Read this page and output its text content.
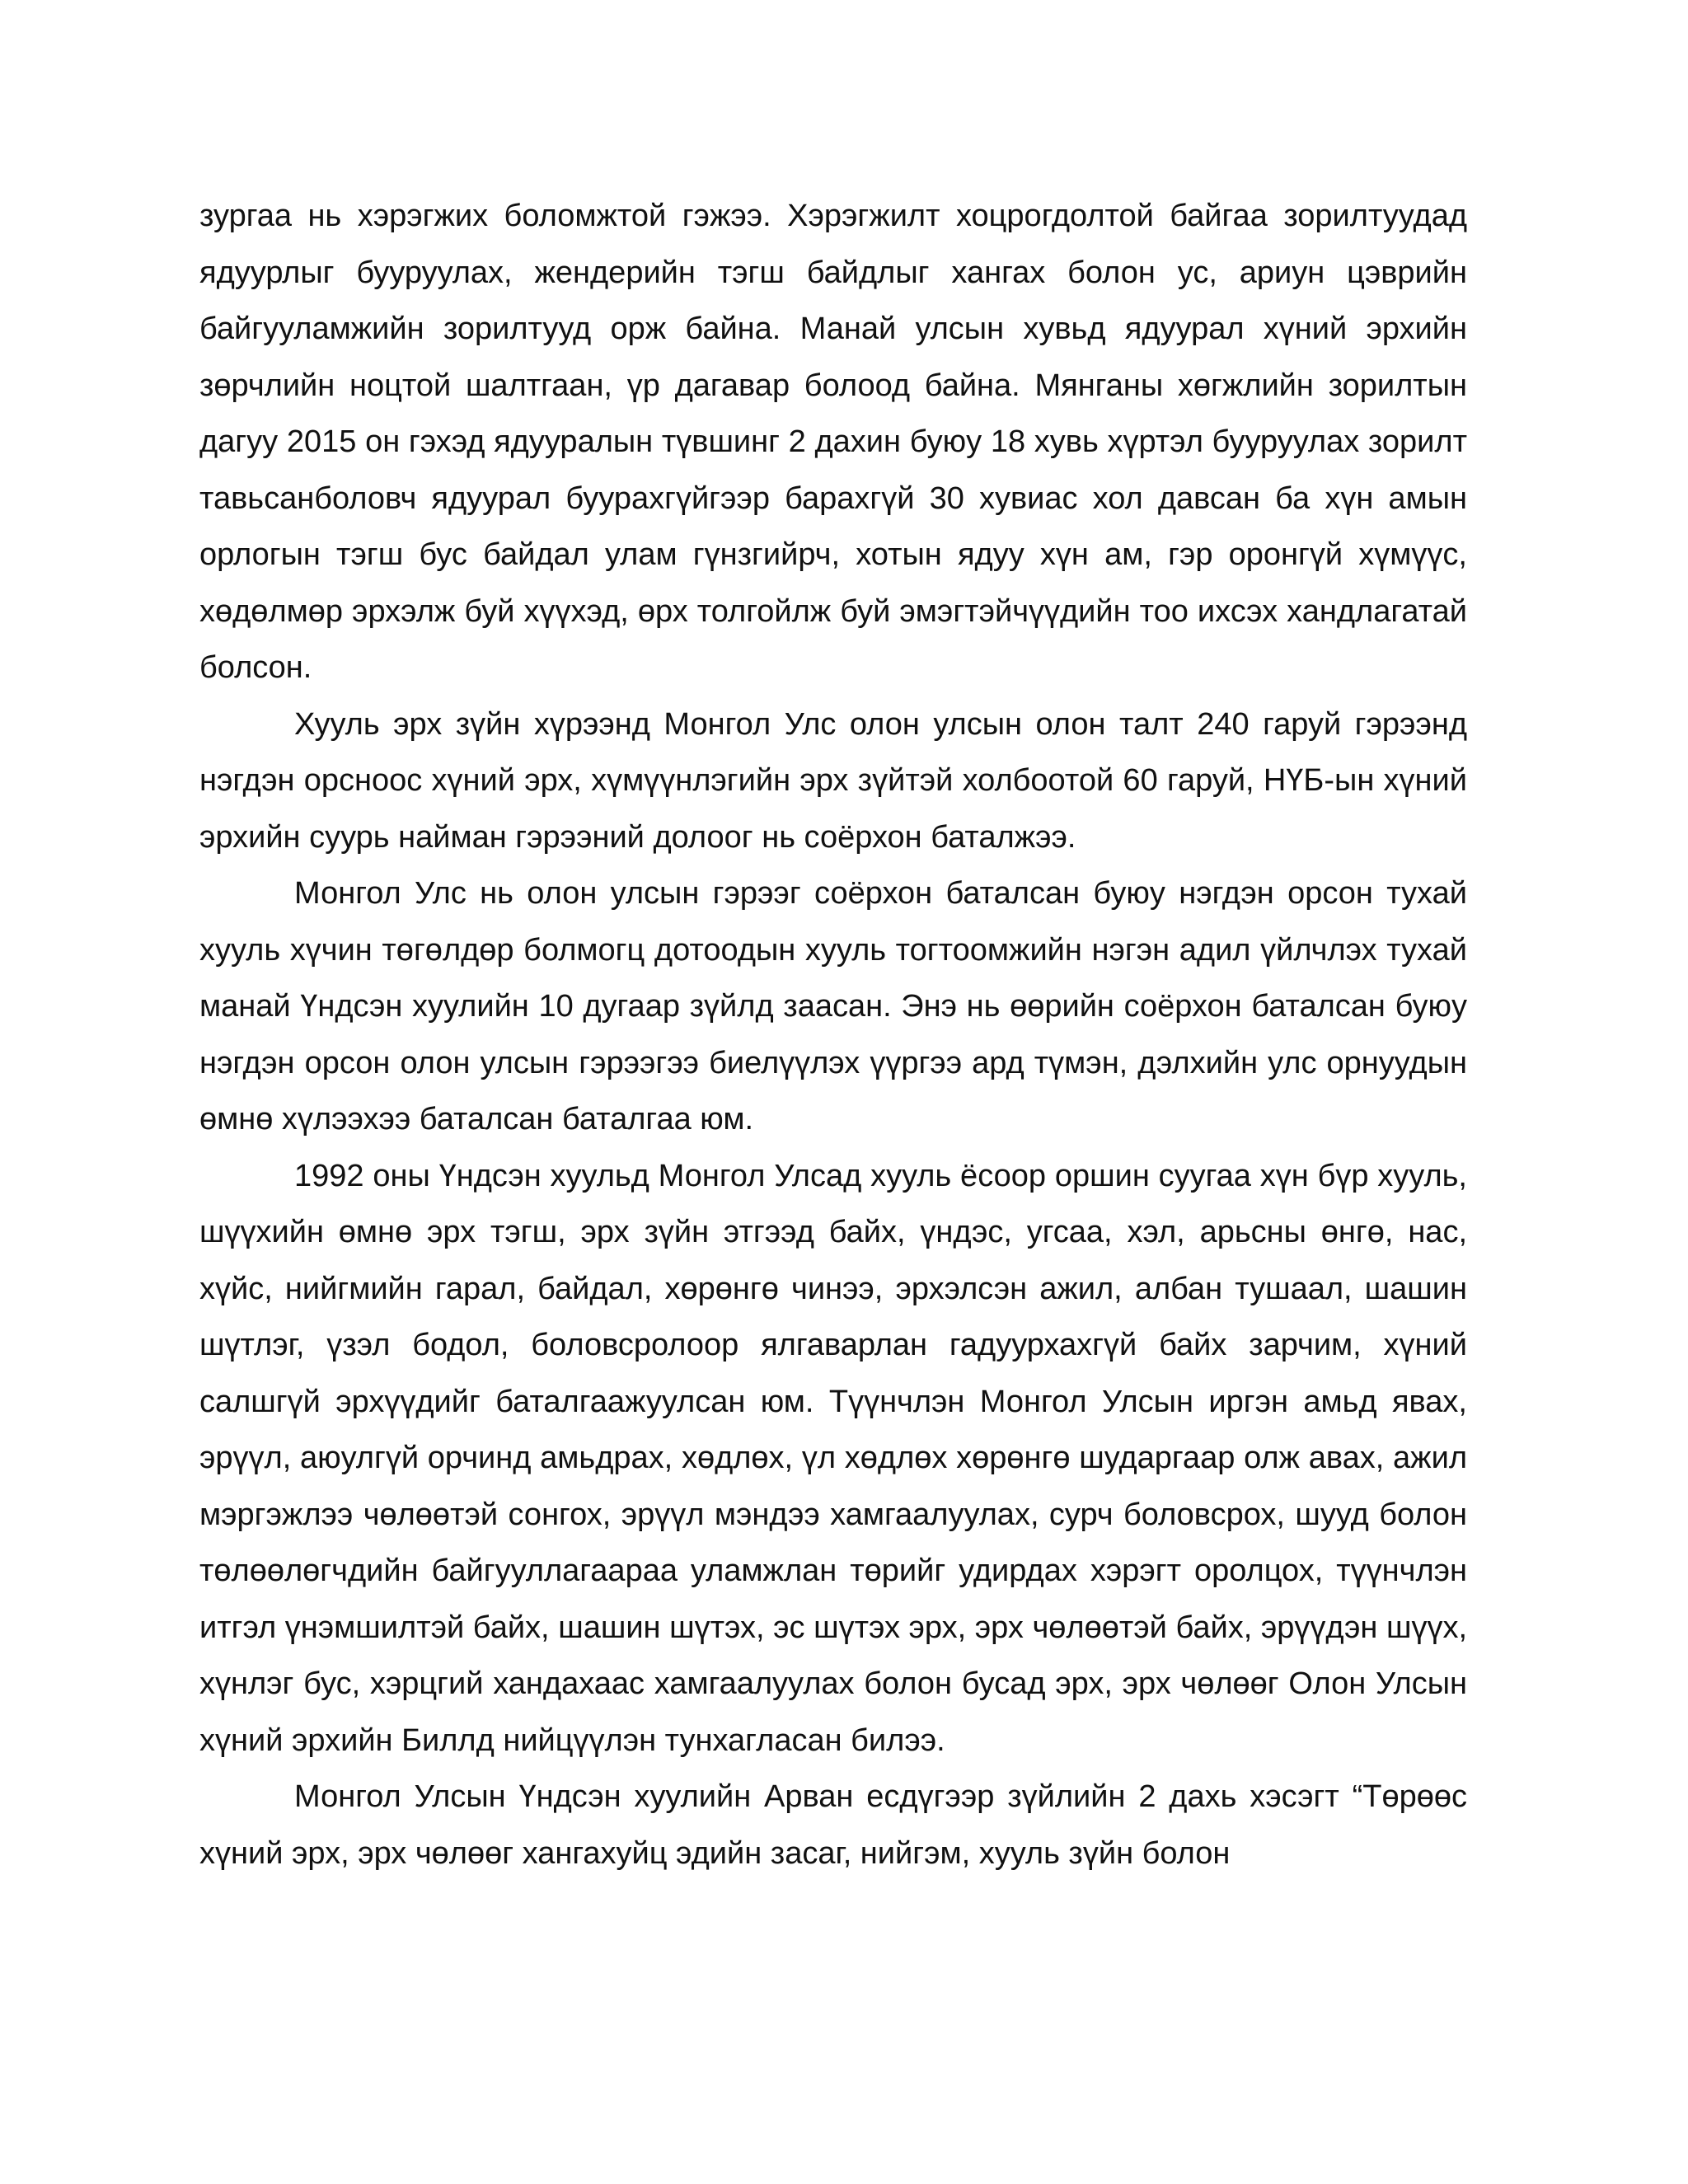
зургаа нь хэрэгжих боломжтой гэжээ. Хэрэгжилт хоцрогдолтой байгаа зорилтуудад ядуурлыг бууруулах, жендерийн тэгш байдлыг хангах болон ус, ариун цэврийн байгууламжийн зорилтууд орж байна. Манай улсын хувьд ядуурал хүний эрхийн зөрчлийн ноцтой шалтгаан, үр дагавар болоод байна. Мянганы хөгжлийн зорилтын дагуу 2015 он гэхэд ядууралын түвшинг 2 дахин буюу 18 хувь хүртэл бууруулах зорилт тавьсанболовч ядуурал буурахгүйгээр барахгүй 30 хувиас хол давсан ба хүн амын орлогын тэгш бус байдал улам гүнзгийрч, хотын ядуу хүн ам, гэр оронгүй хүмүүс, хөдөлмөр эрхэлж буй хүүхэд, өрх толгойлж буй эмэгтэйчүүдийн тоо ихсэх хандлагатай болсон.

Хууль эрх зүйн хүрээнд Монгол Улс олон улсын олон талт 240 гаруй гэрээнд нэгдэн орсноос хүний эрх, хүмүүнлэгийн эрх зүйтэй холбоотой 60 гаруй, НҮБ-ын хүний эрхийн суурь найман гэрээний долоог нь соёрхон баталжээ.

Монгол Улс нь олон улсын гэрээг соёрхон баталсан буюу нэгдэн орсон тухай хууль хүчин төгөлдөр болмогц дотоодын хууль тогтоомжийн нэгэн адил үйлчлэх тухай манай Үндсэн хуулийн 10 дугаар зүйлд заасан. Энэ нь өөрийн соёрхон баталсан буюу нэгдэн орсон олон улсын гэрээгээ биелүүлэх үүргээ ард түмэн, дэлхийн улс орнуудын өмнө хүлээхээ баталсан баталгаа юм.

1992 оны Үндсэн хуульд Монгол Улсад хууль ёсоор оршин суугаа хүн бүр хууль, шүүхийн өмнө эрх тэгш, эрх зүйн этгээд байх, үндэс, угсаа, хэл, арьсны өнгө, нас, хүйс, нийгмийн гарал, байдал, хөрөнгө чинээ, эрхэлсэн ажил, албан тушаал, шашин шүтлэг, үзэл бодол, боловсролоор ялгаварлан гадуурхахгүй байх зарчим, хүний салшгүй эрхүүдийг баталгаажуулсан юм. Түүнчлэн Монгол Улсын иргэн амьд явах, эрүүл, аюулгүй орчинд амьдрах, хөдлөх, үл хөдлөх хөрөнгө шударгаар олж авах, ажил мэргэжлээ чөлөөтэй сонгох, эрүүл мэндээ хамгаалуулах, сурч боловсрох, шууд болон төлөөлөгчдийн байгууллагаараа уламжлан төрийг удирдах хэрэгт оролцох, түүнчлэн итгэл үнэмшилтэй байх, шашин шүтэх, эс шүтэх эрх, эрх чөлөөтэй байх, эрүүдэн шүүх, хүнлэг бус, хэрцгий хандахаас хамгаалуулах болон бусад эрх, эрх чөлөөг Олон Улсын хүний эрхийн Биллд нийцүүлэн тунхагласан билээ.

Монгол Улсын Үндсэн хуулийн Арван есдүгээр зүйлийн 2 дахь хэсэгт “Төрөөс хүний эрх, эрх чөлөөг хангахуйц эдийн засаг, нийгэм, хууль зүйн болон
